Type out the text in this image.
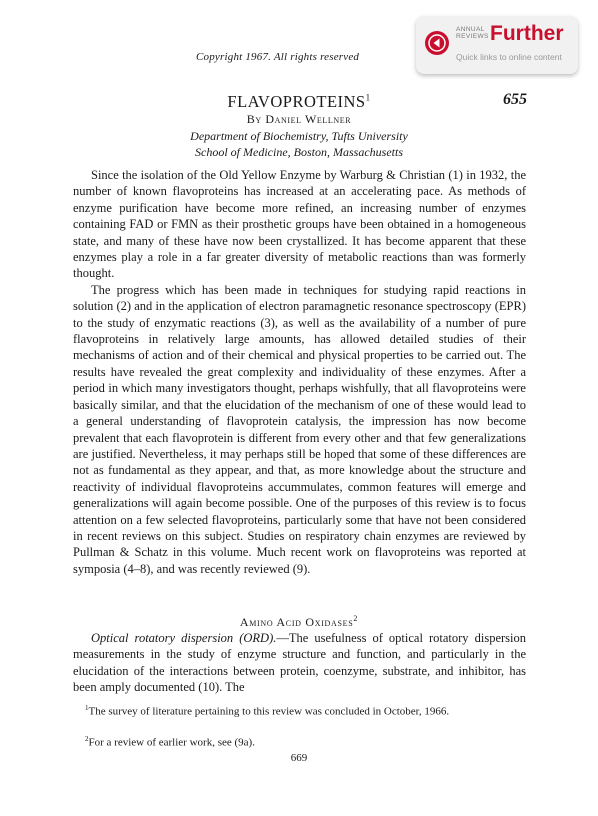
Copyright 1967. All rights reserved
ANNUAL
REVIEWS Further
Quick links to online content
FLAVOPROTEINS$^1$	655
By Daniel Wellner
Department of Biochemistry, Tufts University
School of Medicine, Boston, Massachusetts

Since the isolation of the Old Yellow Enzyme by Warburg & Christian (1) in 1932, the number of known flavoproteins has increased at an accelerating pace. As methods of enzyme purification have become more refined, an increasing number of enzymes containing FAD or FMN as their prosthetic groups have been obtained in a homogeneous state, and many of these have now been crystallized. It has become apparent that these enzymes play a role in a far greater diversity of metabolic reactions than was formerly thought.

The progress which has been made in techniques for studying rapid reactions in solution (2) and in the application of electron paramagnetic resonance spectroscopy (EPR) to the study of enzymatic reactions (3), as well as the availability of a number of pure flavoproteins in relatively large amounts, has allowed detailed studies of their mechanisms of action and of their chemical and physical properties to be carried out. The results have revealed the great complexity and individuality of these enzymes. After a period in which many investigators thought, perhaps wishfully, that all flavoproteins were basically similar, and that the elucidation of the mechanism of one of these would lead to a general understanding of flavoprotein catalysis, the impression has now become prevalent that each flavoprotein is different from every other and that few generalizations are justified. Nevertheless, it may perhaps still be hoped that some of these differences are not as fundamental as they appear, and that, as more knowledge about the structure and reactivity of individual flavoproteins accummulates, common features will emerge and generalizations will again become possible. One of the purposes of this review is to focus attention on a few selected flavoproteins, particularly some that have not been considered in recent reviews on this subject. Studies on respiratory chain enzymes are reviewed by Pullman & Schatz in this volume. Much recent work on flavoproteins was reported at symposia (4–8), and was recently reviewed (9).

Amino Acid Oxidases$^2$

Optical rotatory dispersion (ORD).—The usefulness of optical rotatory dispersion measurements in the study of enzyme structure and function, and particularly in the elucidation of the interactions between protein, coenzyme, substrate, and inhibitor, has been amply documented (10). The

$^1$The survey of literature pertaining to this review was concluded in October, 1966.
$^2$For a review of earlier work, see (9a).
669
